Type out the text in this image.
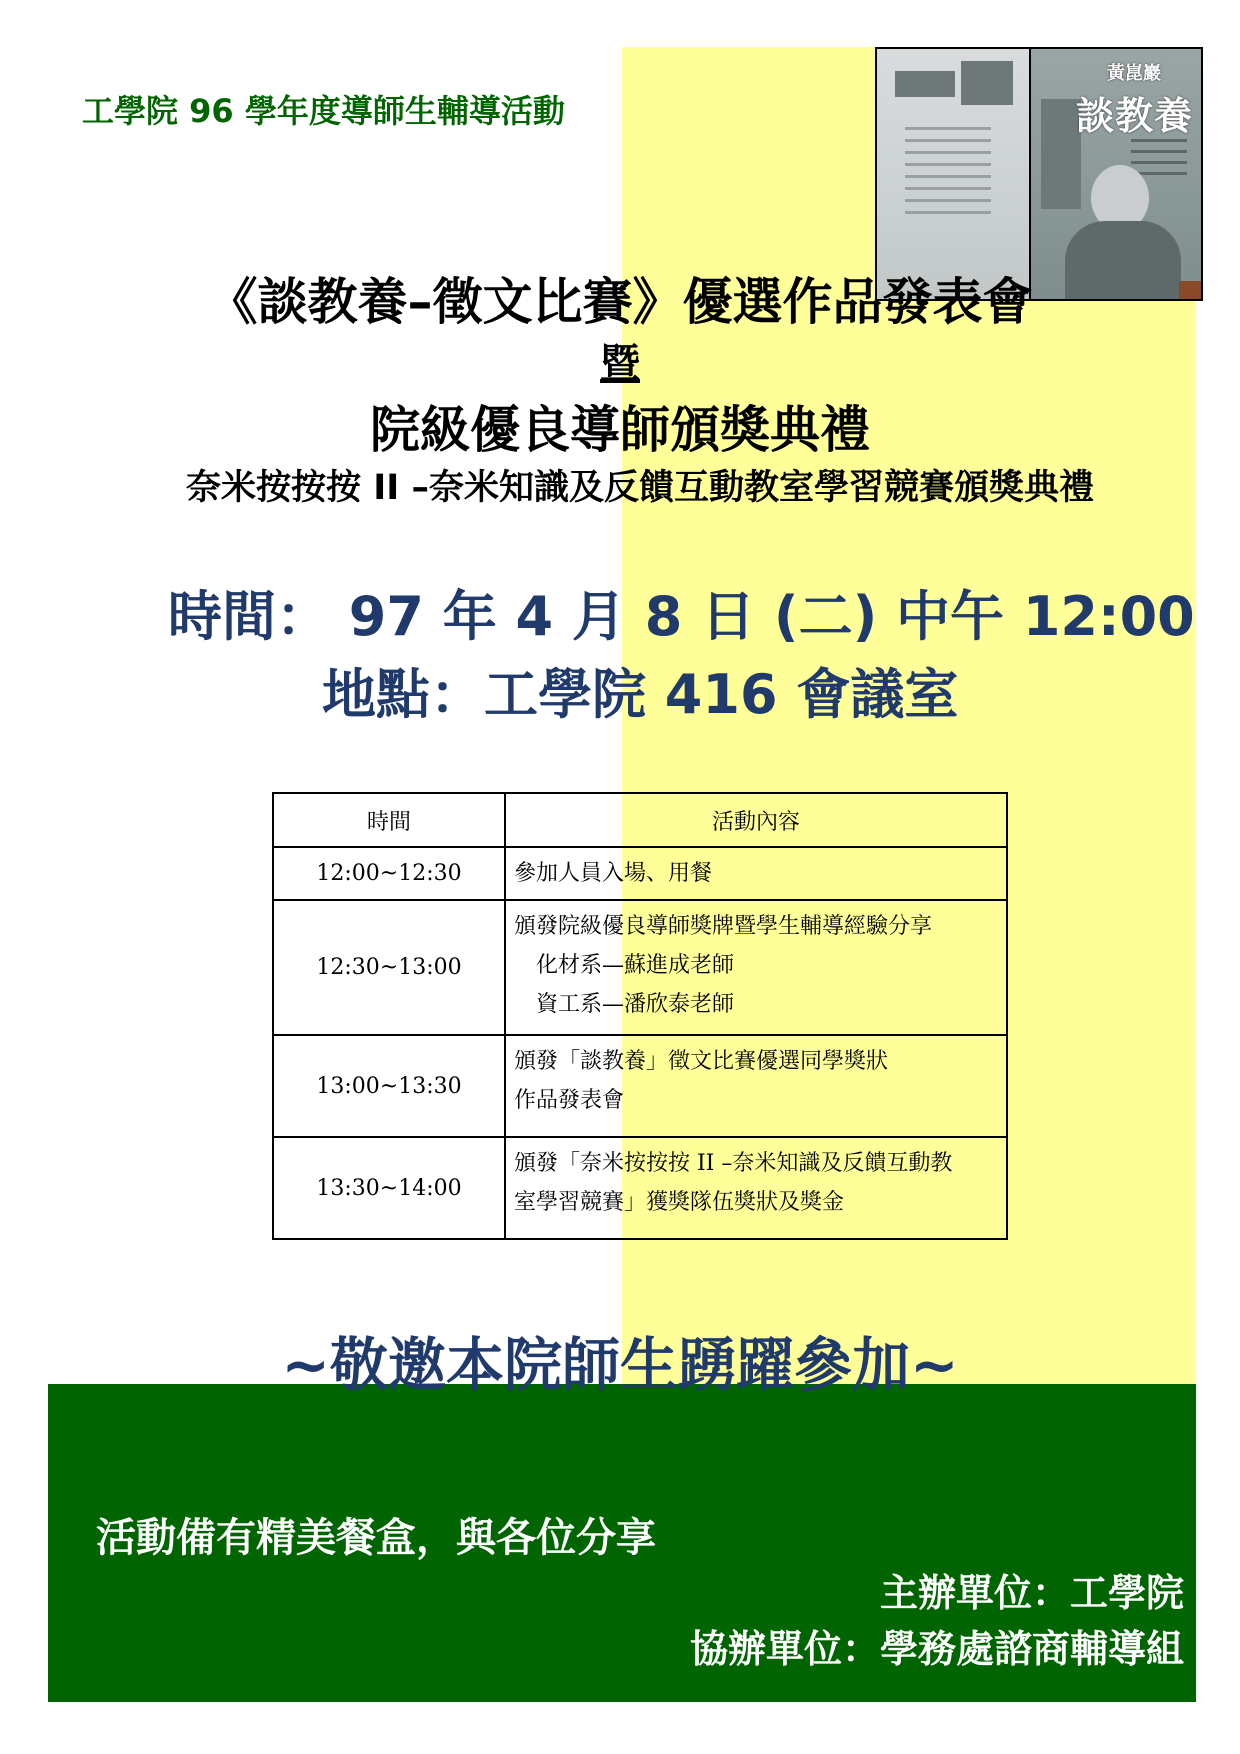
工學院 96 學年度導師生輔導活動
黃崑巖
談教養
《談教養–徵文比賽》優選作品發表會
暨
院級優良導師頒獎典禮
奈米按按按 II –奈米知識及反饋互動教室學習競賽頒獎典禮

時間： 97 年 4 月 8 日 (二) 中午 12:00

地點：工學院 416 會議室

時間	活動內容
12:00~12:30	參加人員入場、用餐

12:30~13:00	頒發院級優良導師獎牌暨學生輔導經驗分享
化材系—蘇進成老師
資工系—潘欣泰老師

13:00~13:30	頒發「談教養」徵文比賽優選同學獎狀
作品發表會

13:30~14:00	頒發「奈米按按按 II –奈米知識及反饋互動教
室學習競賽」獲獎隊伍獎狀及獎金

~敬邀本院師生踴躍參加~

活動備有精美餐盒，與各位分享

主辦單位：工學院

協辦單位：學務處諮商輔導組
